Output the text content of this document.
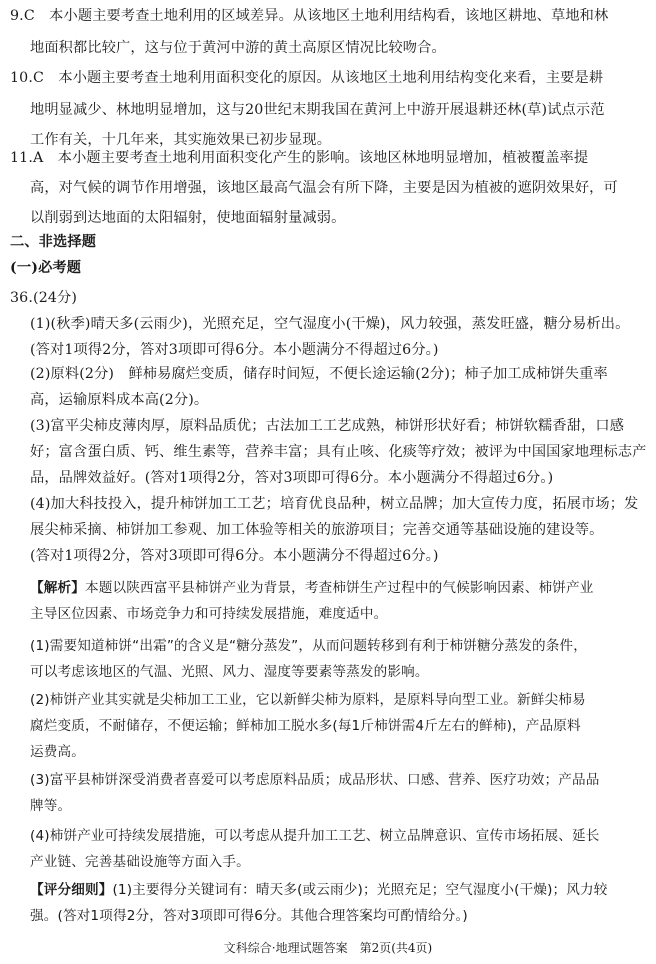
9.C　本小题主要考查土地利用的区域差异。从该地区土地利用结构看，该地区耕地、草地和林
地面积都比较广，这与位于黄河中游的黄土高原区情况比较吻合。
10.C　本小题主要考查土地利用面积变化的原因。从该地区土地利用结构变化来看，主要是耕
地明显减少、林地明显增加，这与20世纪末期我国在黄河上中游开展退耕还林(草)试点示范
工作有关，十几年来，其实施效果已初步显现。
11.A　本小题主要考查土地利用面积变化产生的影响。该地区林地明显增加，植被覆盖率提
高，对气候的调节作用增强，该地区最高气温会有所下降，主要是因为植被的遮阴效果好，可
以削弱到达地面的太阳辐射，使地面辐射量减弱。
二、非选择题
(一)必考题
36.(24分)
(1)(秋季)晴天多(云雨少)，光照充足，空气湿度小(干燥)，风力较强，蒸发旺盛，糖分易析出。
(答对1项得2分，答对3项即可得6分。本小题满分不得超过6分。)
(2)原料(2分)　鲜柿易腐烂变质，储存时间短，不便长途运输(2分)；柿子加工成柿饼失重率
高，运输原料成本高(2分)。
(3)富平尖柿皮薄肉厚，原料品质优；古法加工工艺成熟，柿饼形状好看；柿饼软糯香甜，口感
好；富含蛋白质、钙、维生素等，营养丰富；具有止咳、化痰等疗效；被评为中国国家地理标志产
品，品牌效益好。(答对1项得2分，答对3项即可得6分。本小题满分不得超过6分。)
(4)加大科技投入，提升柿饼加工工艺；培育优良品种，树立品牌；加大宣传力度，拓展市场；发
展尖柿采摘、柿饼加工参观、加工体验等相关的旅游项目；完善交通等基础设施的建设等。
(答对1项得2分，答对3项即可得6分。本小题满分不得超过6分。)
【解析】本题以陕西富平县柿饼产业为背景，考查柿饼生产过程中的气候影响因素、柿饼产业
主导区位因素、市场竞争力和可持续发展措施，难度适中。
(1)需要知道柿饼“出霜”的含义是“糖分蒸发”，从而问题转移到有利于柿饼糖分蒸发的条件，
可以考虑该地区的气温、光照、风力、湿度等要素等蒸发的影响。
(2)柿饼产业其实就是尖柿加工工业，它以新鲜尖柿为原料，是原料导向型工业。新鲜尖柿易
腐烂变质，不耐储存，不便运输；鲜柿加工脱水多(每1斤柿饼需4斤左右的鲜柿)，产品原料
运费高。
(3)富平县柿饼深受消费者喜爱可以考虑原料品质；成品形状、口感、营养、医疗功效；产品品
牌等。
(4)柿饼产业可持续发展措施，可以考虑从提升加工工艺、树立品牌意识、宣传市场拓展、延长
产业链、完善基础设施等方面入手。
【评分细则】(1)主要得分关键词有：晴天多(或云雨少)；光照充足；空气湿度小(干燥)；风力较
强。(答对1项得2分，答对3项即可得6分。其他合理答案均可酌情给分。)
文科综合·地理试题答案　第2页(共4页)
